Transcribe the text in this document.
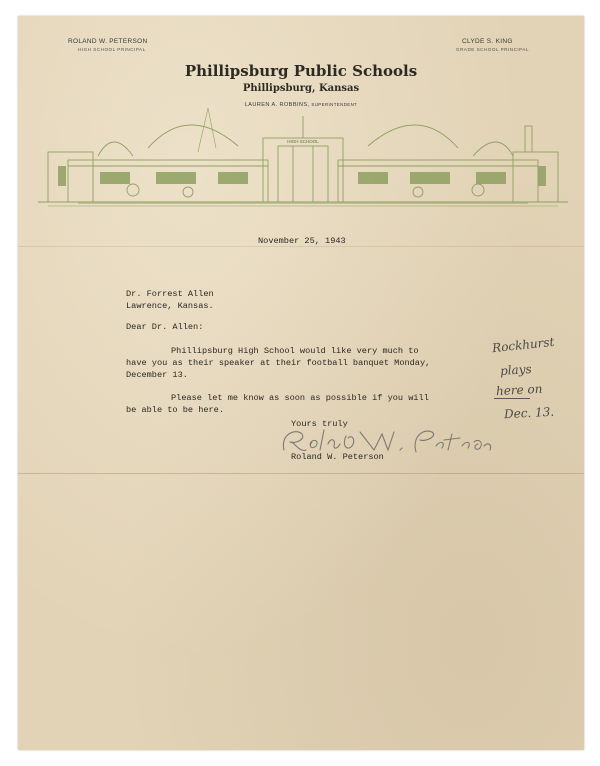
ROLAND W. PETERSON
HIGH SCHOOL PRINCIPAL
CLYDE S. KING
GRADE SCHOOL PRINCIPAL
Phillipsburg Public Schools
Phillipsburg, Kansas
LAUREN A. ROBBINS, SUPERINTENDENT
HIGH SCHOOL
November 25, 1943
Dr. Forrest Allen
Lawrence, Kansas.
Dear Dr. Allen:
Phillipsburg High School would like very much to
have you as their speaker at their football banquet Monday,
December 13.
Please let me know as soon as possible if you will
be able to be here.
Yours truly
Roland W. Peterson
Rockhurst
plays
here on
Dec. 13.
